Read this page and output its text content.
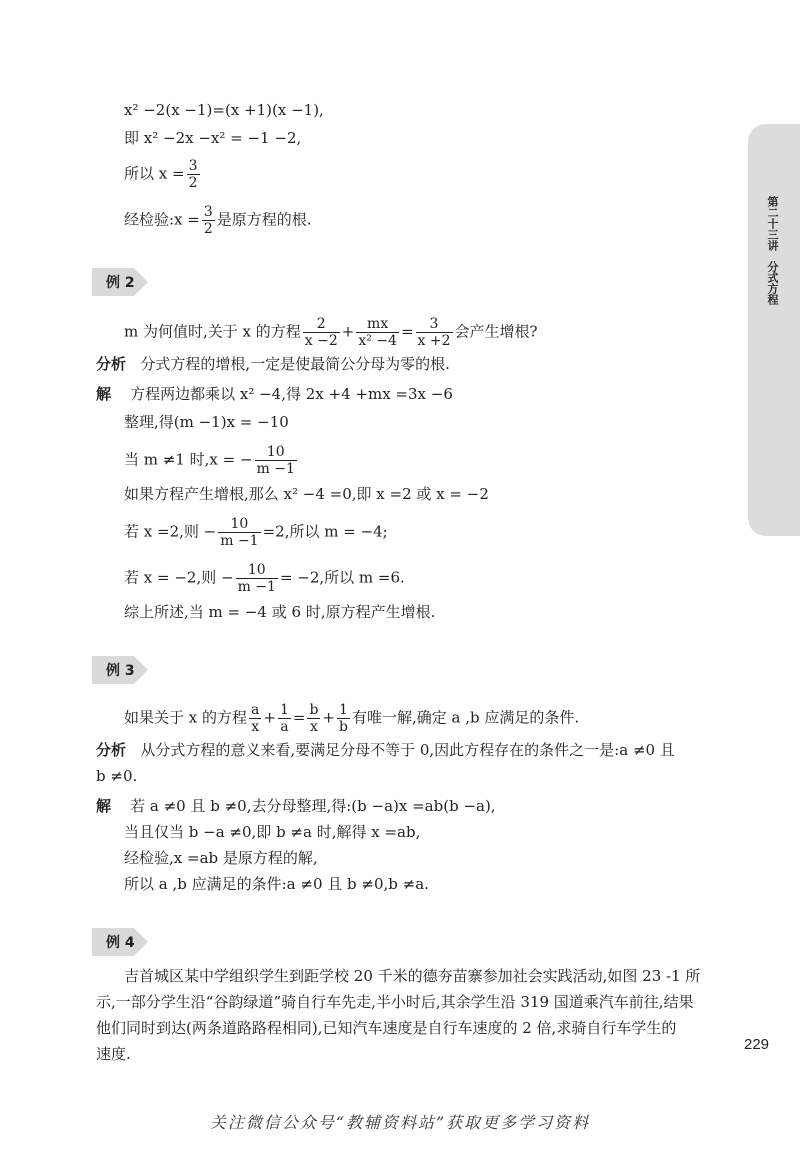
第二十三讲
分式方程
x² −2(x −1)=(x +1)(x −1),
即 x² −2x −x² = −1 −2,
所以 $x = \frac{3}{2}$
经检验:x = $\frac{3}{2}$ 是原方程的根.
例 2
m 为何值时,关于 x 的方程 $\frac{2}{x -2} + \frac{mx}{\text{x² −4}} = \frac{3}{x +2}$ 会产生增根?
分析 分式方程的增根,一定是使最简公分母为零的根.
解 方程两边都乘以 x² −4,得 2x +4 +mx =3x −6
整理,得(m −1)x = −10
当 m ≠1 时,x = − $\frac{10}{m -1}$
如果方程产生增根,那么 x² −4 =0,即 x =2 或 x = −2
若 x =2,则 − $\frac{10}{m -1} =2$,所以 m = −4;
若 x = −2,则 − $\frac{10}{m -1} = -2$,所以 m =6.
综上所述,当 m = −4 或 6 时,原方程产生增根.
例 3
如果关于 x 的方程 $\frac{a}{x} + \frac{1}{a} = \frac{b}{x} + \frac{1}{b}$ 有唯一解,确定 a ,b 应满足的条件.
分析 从分式方程的意义来看,要满足分母不等于 0,因此方程存在的条件之一是:a ≠0 且
b ≠0.
解 若 a ≠0 且 b ≠0,去分母整理,得:(b −a)x =ab(b −a),
当且仅当 b −a ≠0,即 b ≠a 时,解得 x =ab,
经检验,x =ab 是原方程的解,
所以 a ,b 应满足的条件:a ≠0 且 b ≠0,b ≠a.
例 4
吉首城区某中学组织学生到距学校 20 千米的德夯苗寨参加社会实践活动,如图 23 -1 所
示,一部分学生沿“谷韵绿道”骑自行车先走,半小时后,其余学生沿 319 国道乘汽车前往,结果
他们同时到达(两条道路路程相同),已知汽车速度是自行车速度的 2 倍,求骑自行车学生的
速度.
229
关注微信公众号“教辅资料站”获取更多学习资料
